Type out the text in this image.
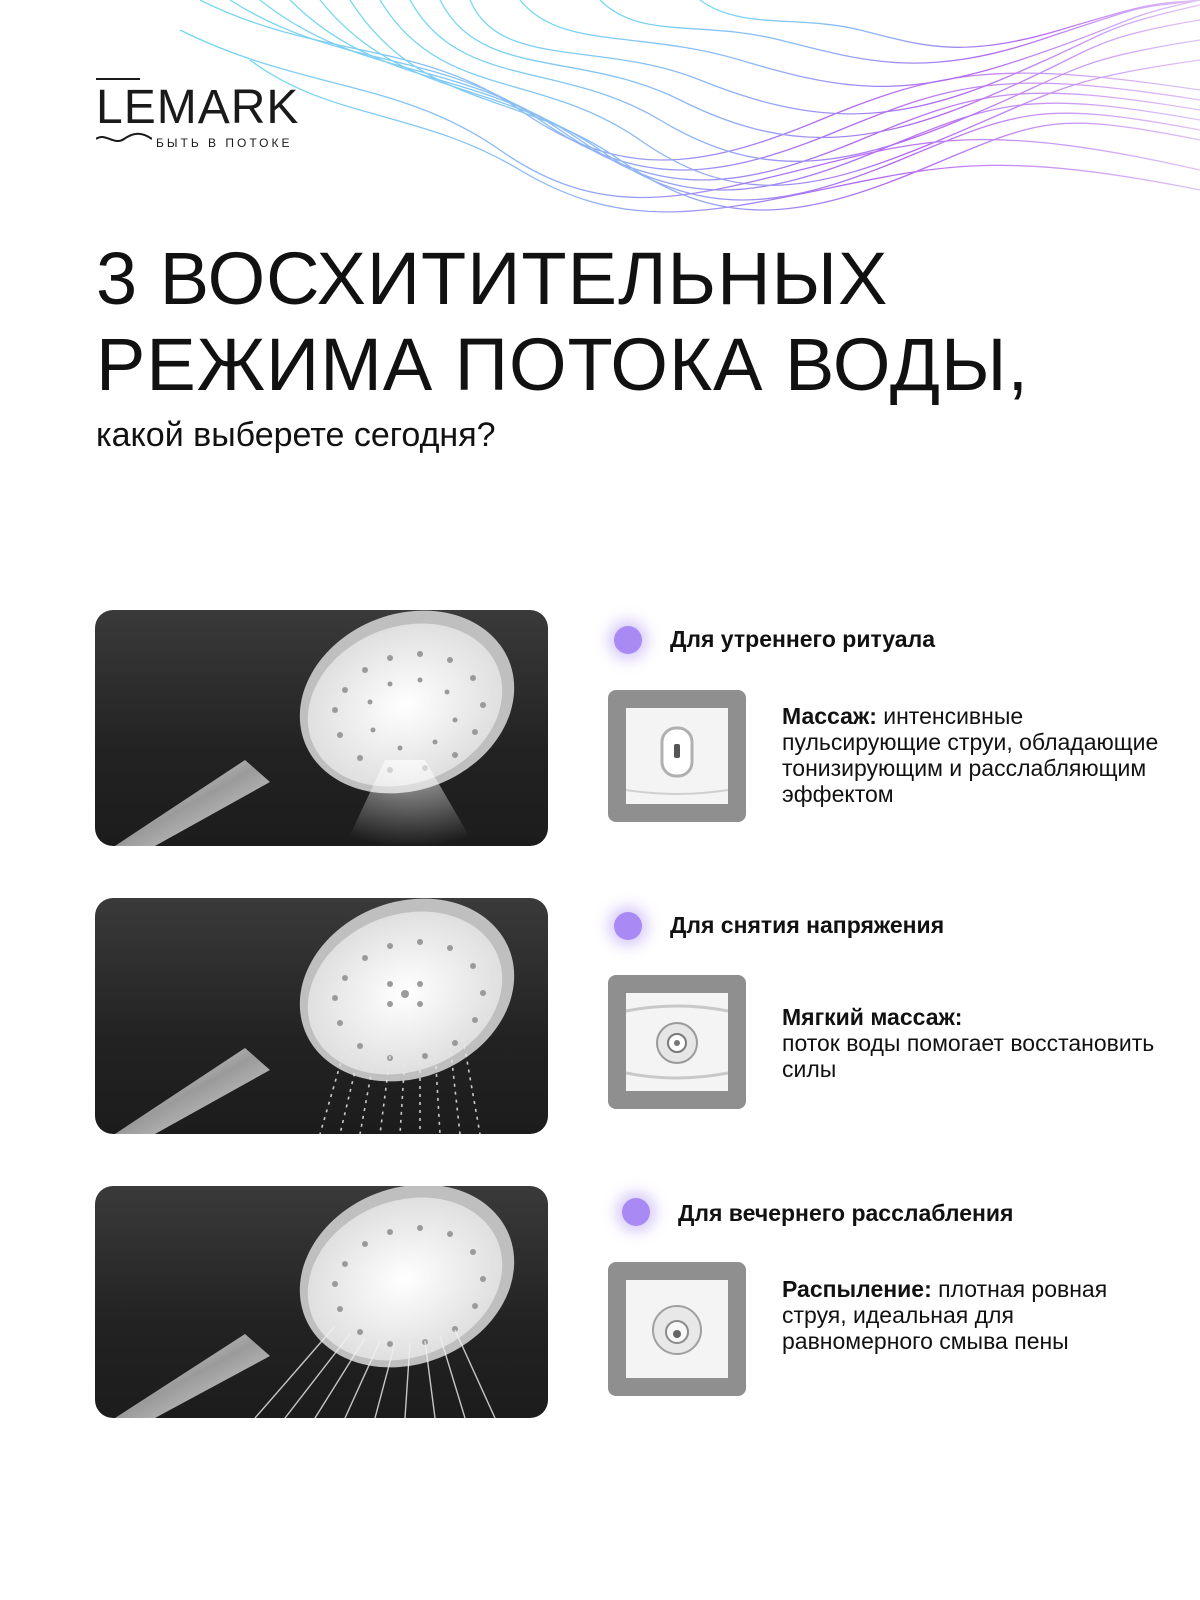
LEMARK
БЫТЬ В ПОТОКЕ
3 ВОСХИТИТЕЛЬНЫХ
РЕЖИМА ПОТОКА ВОДЫ,
какой выберете сегодня?
Для утреннего ритуала
Массаж: интенсивные пульсирующие струи, обладающие тонизирующим и расслабляющим эффектом
Для снятия напряжения
Мягкий массаж:
поток воды помогает восстановить силы
Для вечернего расслабления
Распыление: плотная ровная струя, идеальная для равномерного смыва пены
